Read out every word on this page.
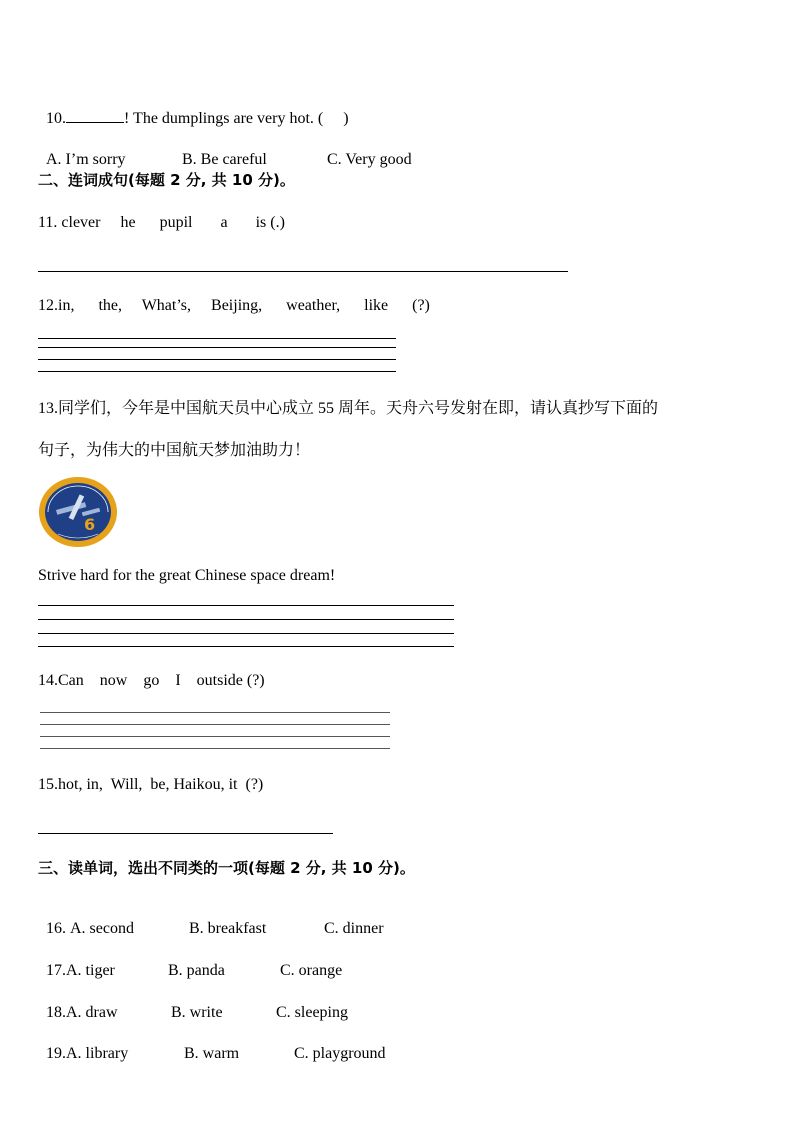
10.	! The dumplings are very hot. (     )

A. I’m sorry	B. Be careful	C. Very good

二、连词成句(每题 2 分, 共 10 分)。
11. clever     he      pupil       a       is (.)
12.in,      the,     What’s,     Beijing,      weather,      like      (?)
13.同学们，今年是中国航天员中心成立 55 周年。天舟六号发射在即，请认真抄写下面的
句子，为伟大的中国航天梦加油助力！
6
Strive hard for the great Chinese space dream!
14.Can    now    go    I    outside (?)
15.hot, in,  Will,  be, Haikou, it  (?)
三、读单词，选出不同类的一项(每题 2 分, 共 10 分)。

16. A. second	B. breakfast	C. dinner

17.A. tiger	B. panda	C. orange

18.A. draw	B. write	C. sleeping

19.A. library	B. warm	C. playground
